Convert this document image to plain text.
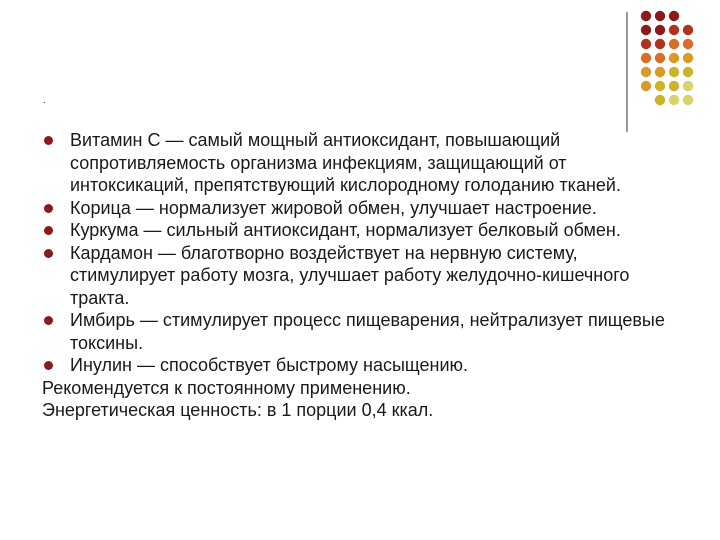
.
Витамин С — самый мощный антиоксидант, повышающий сопротивляемость организма инфекциям, защищающий от интоксикаций, препятствующий кислородному голоданию тканей.
Корица — нормализует жировой обмен, улучшает настроение.
Куркума — сильный антиоксидант, нормализует белковый обмен.
Кардамон — благотворно воздействует на нервную систему, стимулирует работу мозга, улучшает работу желудочно-кишечного тракта.
Имбирь — стимулирует процесс пищеварения, нейтрализует пищевые токсины.
Инулин — способствует быстрому насыщению.

Рекомендуется к постоянному применению.

Энергетическая ценность: в 1 порции 0,4 ккал.
